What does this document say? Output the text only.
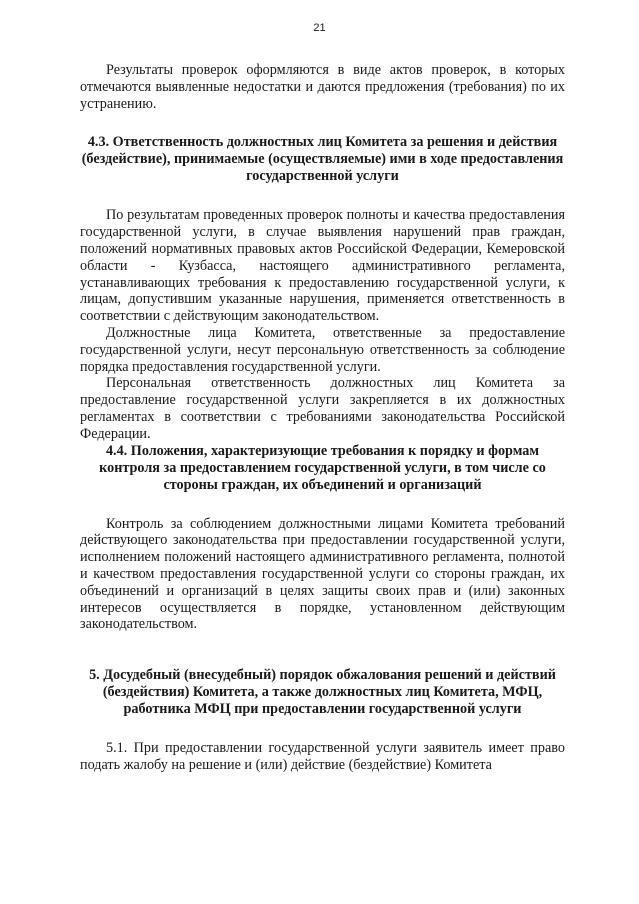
21

Результаты проверок оформляются в виде актов проверок, в которых отмечаются выявленные недостатки и даются предложения (требования) по их устранению.

4.3. Ответственность должностных лиц Комитета за решения и действия (бездействие), принимаемые (осуществляемые) ими в ходе предоставления государственной услуги

По результатам проведенных проверок полноты и качества предоставления государственной услуги, в случае выявления нарушений прав граждан, положений нормативных правовых актов Российской Федерации, Кемеровской области - Кузбасса, настоящего административного регламента, устанавливающих требования к предоставлению государственной услуги, к лицам, допустившим указанные нарушения, применяется ответственность в соответствии с действующим законодательством.

Должностные лица Комитета, ответственные за предоставление государственной услуги, несут персональную ответственность за соблюдение порядка предоставления государственной услуги.

Персональная ответственность должностных лиц Комитета за предоставление государственной услуги закрепляется в их должностных регламентах в соответствии с требованиями законодательства Российской Федерации.

4.4. Положения, характеризующие требования к порядку и формам контроля за предоставлением государственной услуги, в том числе со стороны граждан, их объединений и организаций

Контроль за соблюдением должностными лицами Комитета требований действующего законодательства при предоставлении государственной услуги, исполнением положений настоящего административного регламента, полнотой и качеством предоставления государственной услуги со стороны граждан, их объединений и организаций в целях защиты своих прав и (или) законных интересов осуществляется в порядке, установленном действующим законодательством.

5. Досудебный (внесудебный) порядок обжалования решений и действий (бездействия) Комитета, а также должностных лиц Комитета, МФЦ, работника МФЦ при предоставлении государственной услуги

5.1. При предоставлении государственной услуги заявитель имеет право подать жалобу на решение и (или) действие (бездействие) Комитета
